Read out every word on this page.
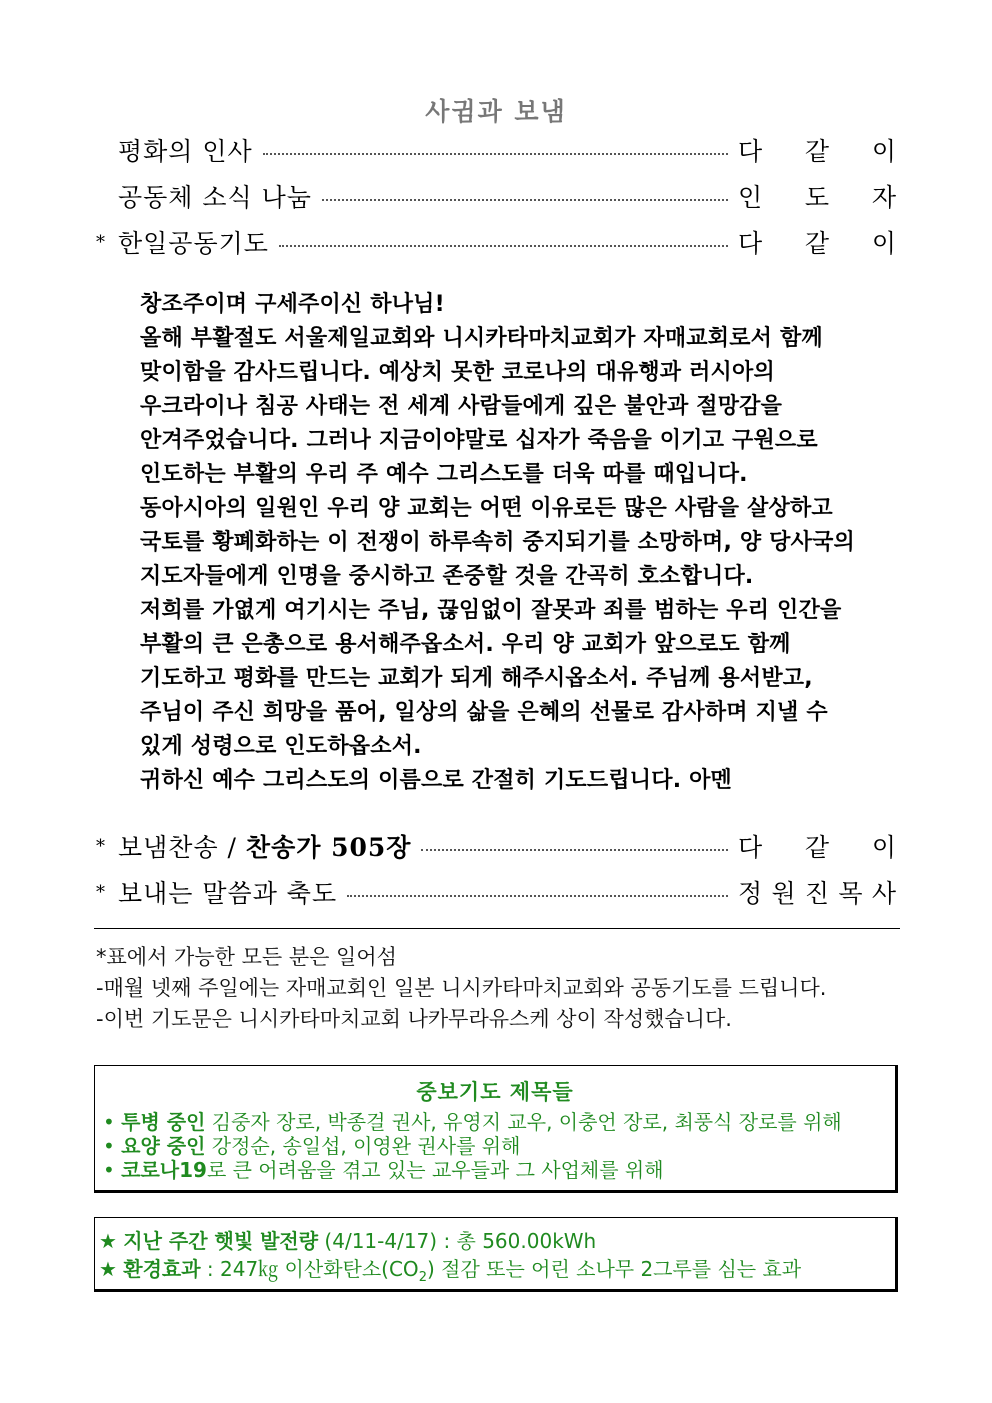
사귐과 보냄
평화의 인사	다 같 이
공동체 소식 나눔	인 도 자
* 한일공동기도	다 같 이
창조주이며 구세주이신 하나님!
올해 부활절도 서울제일교회와 니시카타마치교회가 자매교회로서 함께
맞이함을 감사드립니다. 예상치 못한 코로나의 대유행과 러시아의
우크라이나 침공 사태는 전 세계 사람들에게 깊은 불안과 절망감을
안겨주었습니다. 그러나 지금이야말로 십자가 죽음을 이기고 구원으로
인도하는 부활의 우리 주 예수 그리스도를 더욱 따를 때입니다.
동아시아의 일원인 우리 양 교회는 어떤 이유로든 많은 사람을 살상하고
국토를 황폐화하는 이 전쟁이 하루속히 중지되기를 소망하며, 양 당사국의
지도자들에게 인명을 중시하고 존중할 것을 간곡히 호소합니다.
저희를 가엾게 여기시는 주님, 끊임없이 잘못과 죄를 범하는 우리 인간을
부활의 큰 은총으로 용서해주옵소서. 우리 양 교회가 앞으로도 함께
기도하고 평화를 만드는 교회가 되게 해주시옵소서. 주님께 용서받고,
주님이 주신 희망을 품어, 일상의 삶을 은혜의 선물로 감사하며 지낼 수
있게 성령으로 인도하옵소서.
귀하신 예수 그리스도의 이름으로 간절히 기도드립니다. 아멘
* 보냄찬송 / 찬송가 505장	다 같 이
* 보내는 말씀과 축도	정 원 진 목 사
*표에서 가능한 모든 분은 일어섬
-매월 넷째 주일에는 자매교회인 일본 니시카타마치교회와 공동기도를 드립니다.
-이번 기도문은 니시카타마치교회 나카무라유스케 상이 작성했습니다.
중보기도 제목들
• 투병 중인 김중자 장로, 박종걸 권사, 유영지 교우, 이충언 장로, 최풍식 장로를 위해
• 요양 중인 강정순, 송일섭, 이영완 권사를 위해
• 코로나19로 큰 어려움을 겪고 있는 교우들과 그 사업체를 위해
★ 지난 주간 햇빛 발전량 (4/11-4/17) : 총 560.00kWh
★ 환경효과 : 247㎏ 이산화탄소$(CO_2)$ 절감 또는 어린 소나무 2그루를 심는 효과
